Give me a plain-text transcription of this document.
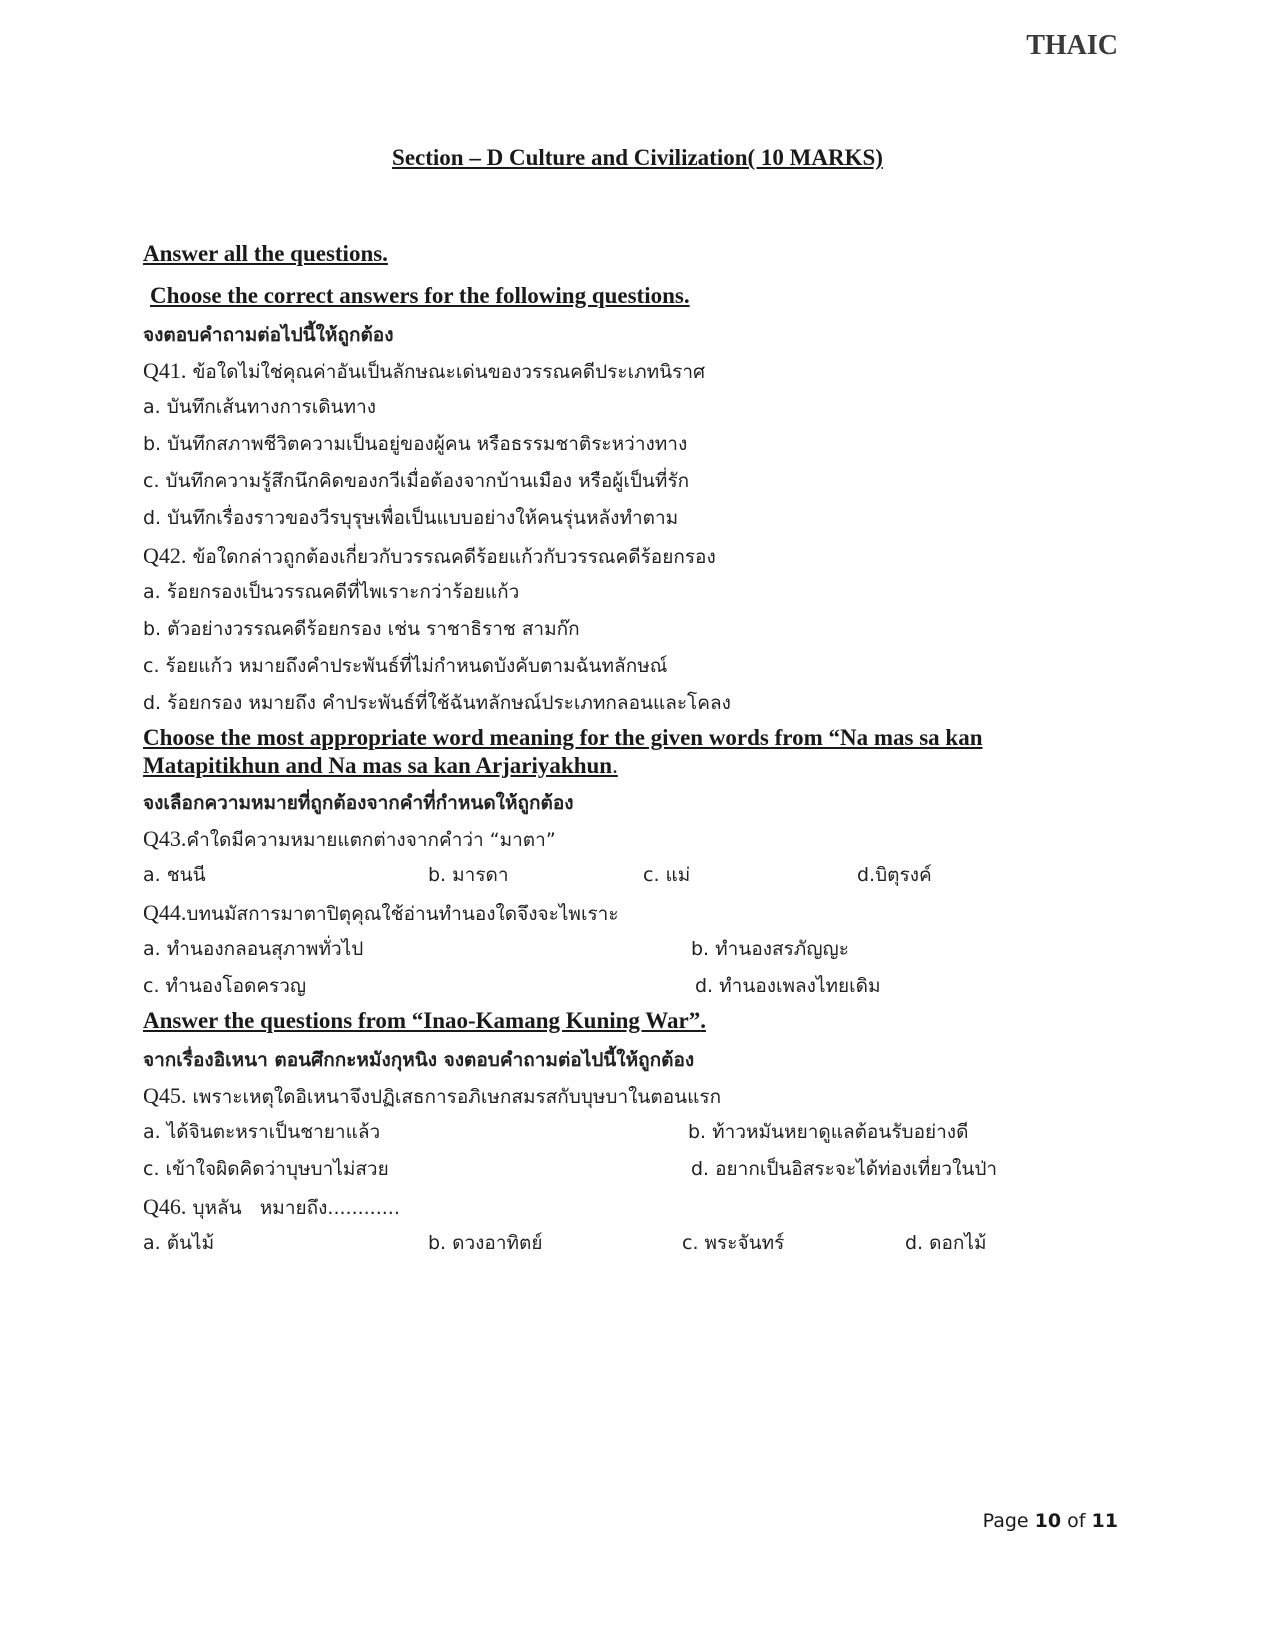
THAIC
Section – D Culture and Civilization( 10 MARKS)
Answer all the questions.
Choose the correct answers for the following questions.
จงตอบคำถามต่อไปนี้ให้ถูกต้อง
Q41. ข้อใดไม่ใช่คุณค่าอันเป็นลักษณะเด่นของวรรณคดีประเภทนิราศ
a. บันทึกเส้นทางการเดินทาง
b. บันทึกสภาพชีวิตความเป็นอยู่ของผู้คน หรือธรรมชาติระหว่างทาง
c. บันทึกความรู้สึกนึกคิดของกวีเมื่อต้องจากบ้านเมือง หรือผู้เป็นที่รัก
d. บันทึกเรื่องราวของวีรบุรุษเพื่อเป็นแบบอย่างให้คนรุ่นหลังทำตาม
Q42. ข้อใดกล่าวถูกต้องเกี่ยวกับวรรณคดีร้อยแก้วกับวรรณคดีร้อยกรอง
a. ร้อยกรองเป็นวรรณคดีที่ไพเราะกว่าร้อยแก้ว
b. ตัวอย่างวรรณคดีร้อยกรอง เช่น ราชาธิราช สามก๊ก
c. ร้อยแก้ว หมายถึงคำประพันธ์ที่ไม่กำหนดบังคับตามฉันทลักษณ์
d. ร้อยกรอง หมายถึง คำประพันธ์ที่ใช้ฉันทลักษณ์ประเภทกลอนและโคลง
Choose the most appropriate word meaning for the given words from “Na mas sa kan
Matapitikhun and Na mas sa kan Arjariyakhun.
จงเลือกความหมายที่ถูกต้องจากคำที่กำหนดให้ถูกต้อง
Q43.คำใดมีความหมายแตกต่างจากคำว่า “มาตา”
a. ชนนี	b. มารดา	c. แม่	d.บิตุรงค์
Q44.บทนมัสการมาตาปิตุคุณใช้อ่านทำนองใดจึงจะไพเราะ
a. ทำนองกลอนสุภาพทั่วไป	b. ทำนองสรภัญญะ
c. ทำนองโอดครวญ	d. ทำนองเพลงไทยเดิม
Answer the questions from “Inao-Kamang Kuning War”.
จากเรื่องอิเหนา ตอนศึกกะหมังกุหนิง จงตอบคำถามต่อไปนี้ให้ถูกต้อง
Q45. เพราะเหตุใดอิเหนาจึงปฏิเสธการอภิเษกสมรสกับบุษบาในตอนแรก
a. ได้จินตะหราเป็นชายาแล้ว	b. ท้าวหมันหยาดูแลต้อนรับอย่างดี
c. เข้าใจผิดคิดว่าบุษบาไม่สวย	d. อยากเป็นอิสระจะได้ท่องเที่ยวในป่า
Q46. บุหลัน   หมายถึง............
a. ต้นไม้	b. ดวงอาทิตย์	c. พระจันทร์	d. ดอกไม้
Page 10 of 11
